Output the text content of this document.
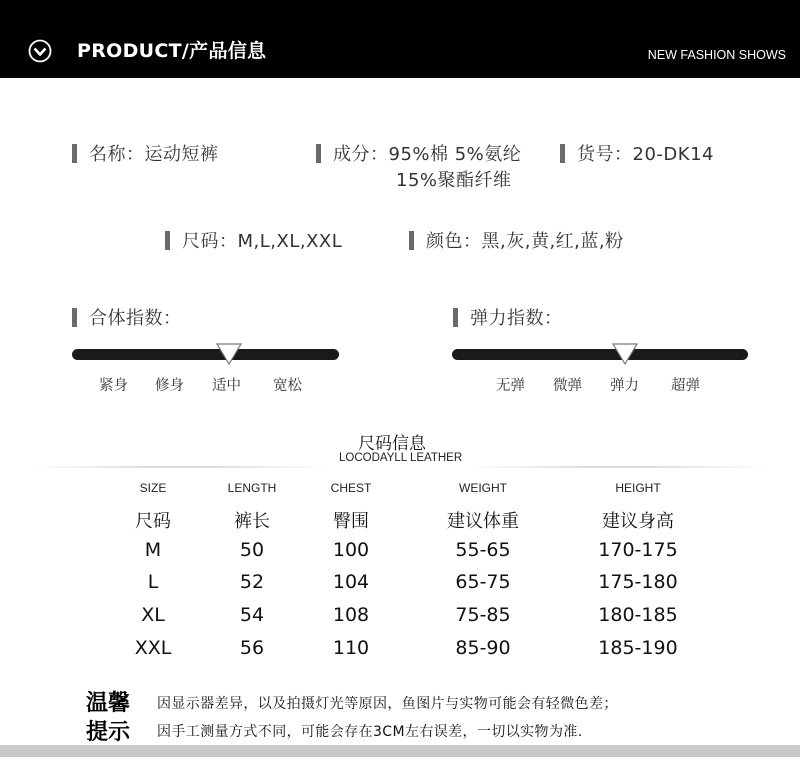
PRODUCT/产品信息	NEW FASHION SHOWS
名称：运动短裤	成分：95%棉 5%氨纶
15%聚酯纤维
货号：20-DK14
尺码：M,L,XL,XXL	颜色：黑,灰,黄,红,蓝,粉
合体指数：
紧身 修身 适中 宽松
弹力指数：
无弹 微弹 弹力 超弹
尺码信息
LOCODAYLL LEATHER
SIZE	LENGTH	CHEST	WEIGHT	HEIGHT
尺码	裤长	臀围	建议体重	建议身高
M	50	100	55-65	170-175
L	52	104	65-75	175-180
XL	54	108	75-85	180-185
XXL	56	110	85-90	185-190
温馨
提示
因显示器差异，以及拍摄灯光等原因，鱼图片与实物可能会有轻微色差；
因手工测量方式不同，可能会存在3CM左右误差，一切以实物为准.
